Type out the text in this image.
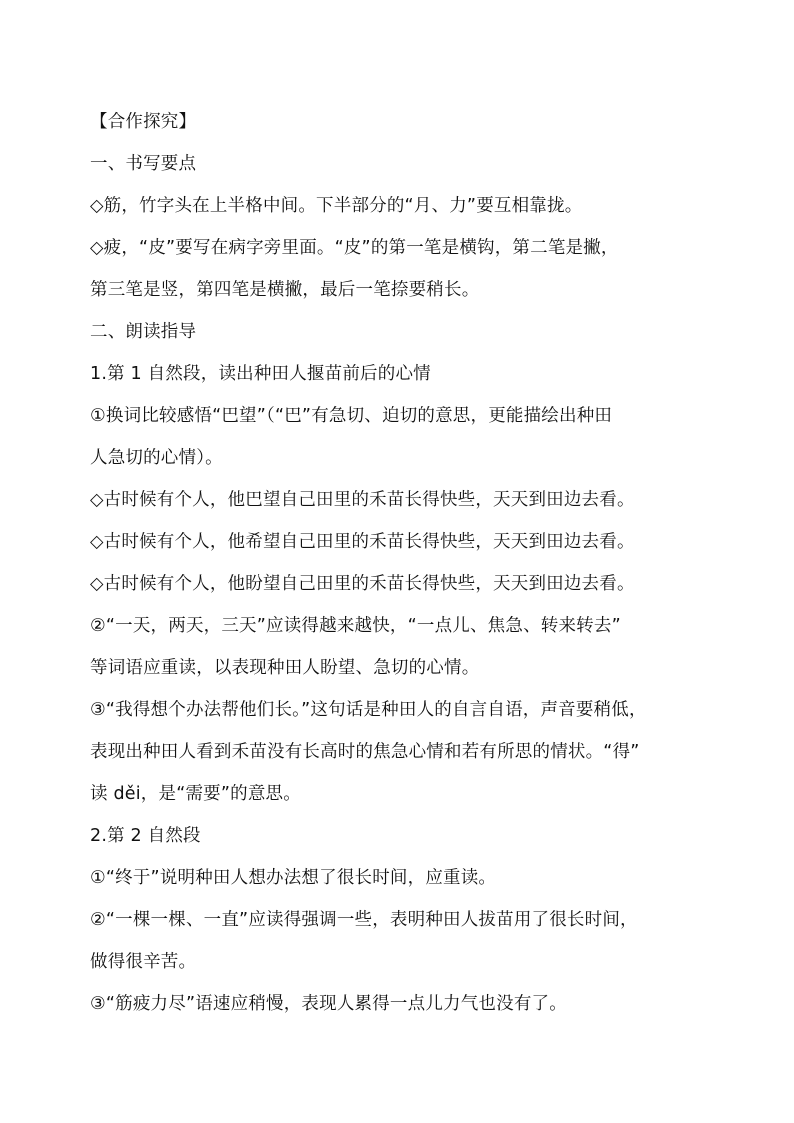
【合作探究】
一、书写要点
◇筋，竹字头在上半格中间。下半部分的“月、力”要互相靠拢。
◇疲，“皮”要写在病字旁里面。“皮”的第一笔是横钩，第二笔是撇，
第三笔是竖，第四笔是横撇，最后一笔捺要稍长。
二、朗读指导
1.第 1 自然段，读出种田人揠苗前后的心情
①换词比较感悟“巴望”（“巴”有急切、迫切的意思，更能描绘出种田
人急切的心情）。
◇古时候有个人，他巴望自己田里的禾苗长得快些，天天到田边去看。
◇古时候有个人，他希望自己田里的禾苗长得快些，天天到田边去看。
◇古时候有个人，他盼望自己田里的禾苗长得快些，天天到田边去看。
②“一天，两天，三天”应读得越来越快，“一点儿、焦急、转来转去”
等词语应重读，以表现种田人盼望、急切的心情。
③“我得想个办法帮他们长。”这句话是种田人的自言自语，声音要稍低，
表现出种田人看到禾苗没有长高时的焦急心情和若有所思的情状。“得”
读 děi，是“需要”的意思。
2.第 2 自然段
①“终于”说明种田人想办法想了很长时间，应重读。
②“一棵一棵、一直”应读得强调一些，表明种田人拔苗用了很长时间，
做得很辛苦。
③“筋疲力尽”语速应稍慢，表现人累得一点儿力气也没有了。
